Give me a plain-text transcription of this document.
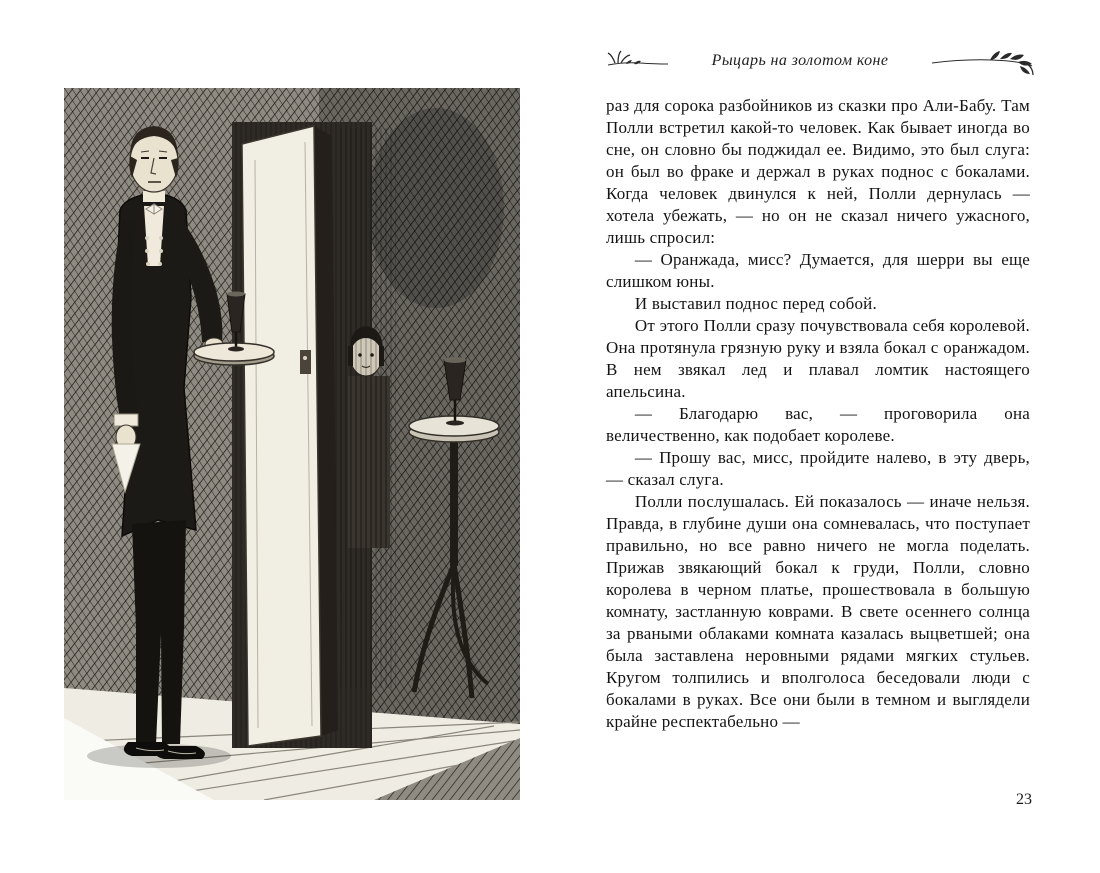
Рыцарь на золотом коне

раз для сорока разбойников из сказки про Али-Бабу. Там Полли встретил какой-то человек. Как бывает иногда во сне, он словно бы поджидал ее. Видимо, это был слуга: он был во фраке и держал в руках поднос с бокалами. Когда человек двинулся к ней, Полли дернулась — хотела убежать, — но он не сказал ничего ужасного, лишь спросил:

— Оранжада, мисс? Думается, для шерри вы еще слишком юны.

И выставил поднос перед собой.

От этого Полли сразу почувствовала себя королевой. Она протянула грязную руку и взяла бокал с оранжадом. В нем звякал лед и плавал ломтик настоящего апельсина.

— Благодарю вас, — проговорила она величественно, как подобает королеве.

— Прошу вас, мисс, пройдите налево, в эту дверь, — сказал слуга.

Полли послушалась. Ей показалось — иначе нельзя. Правда, в глубине души она сомневалась, что поступает правильно, но все равно ничего не могла поделать. Прижав звякающий бокал к груди, Полли, словно королева в черном платье, прошествовала в большую комнату, застланную коврами. В свете осеннего солнца за рваными облаками комната казалась выцветшей; она была заставлена неровными рядами мягких стульев. Кругом толпились и вполголоса беседовали люди с бокалами в руках. Все они были в темном и выглядели крайне респектабельно —

23
